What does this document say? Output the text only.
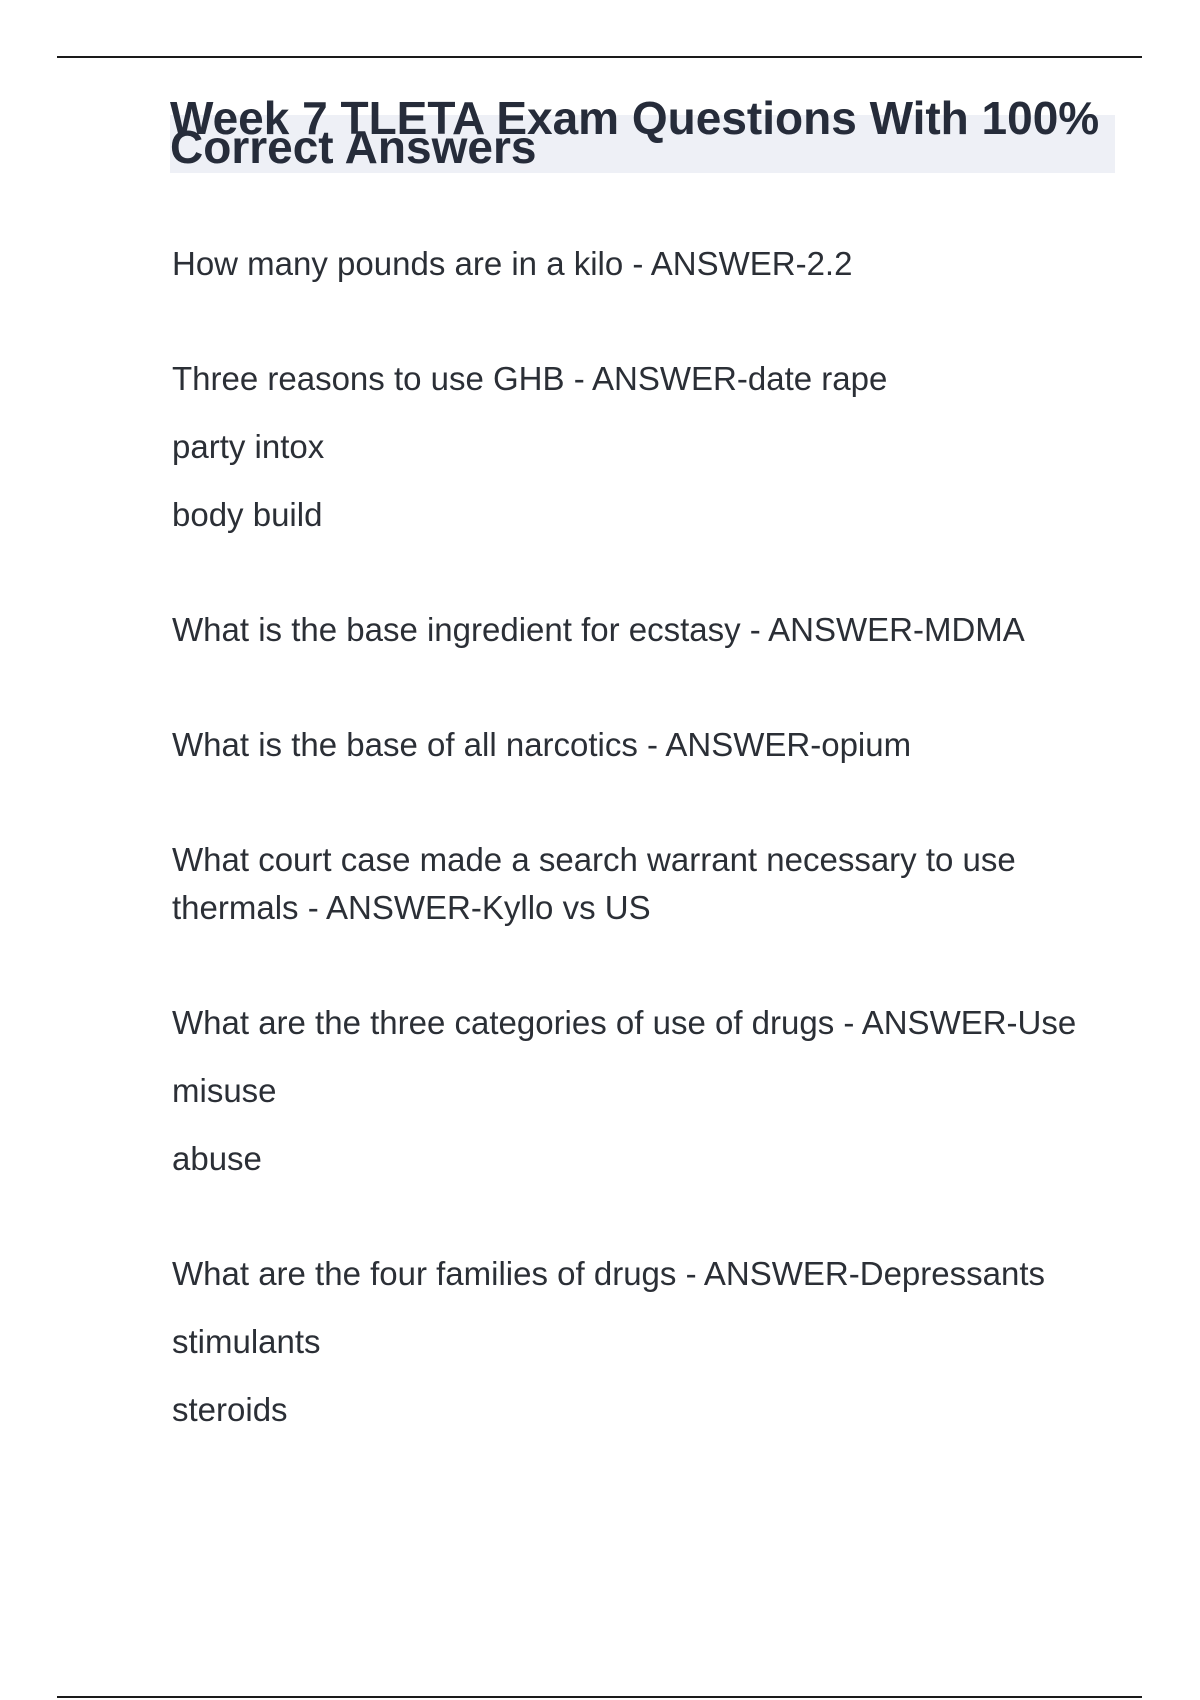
Week 7 TLETA Exam Questions With 100% Correct Answers

How many pounds are in a kilo - ANSWER-2.2

Three reasons to use GHB - ANSWER-date rape

party intox

body build

What is the base ingredient for ecstasy - ANSWER-MDMA

What is the base of all narcotics - ANSWER-opium

What court case made a search warrant necessary to use thermals - ANSWER-Kyllo vs US

What are the three categories of use of drugs - ANSWER-Use

misuse

abuse

What are the four families of drugs - ANSWER-Depressants

stimulants

steroids
